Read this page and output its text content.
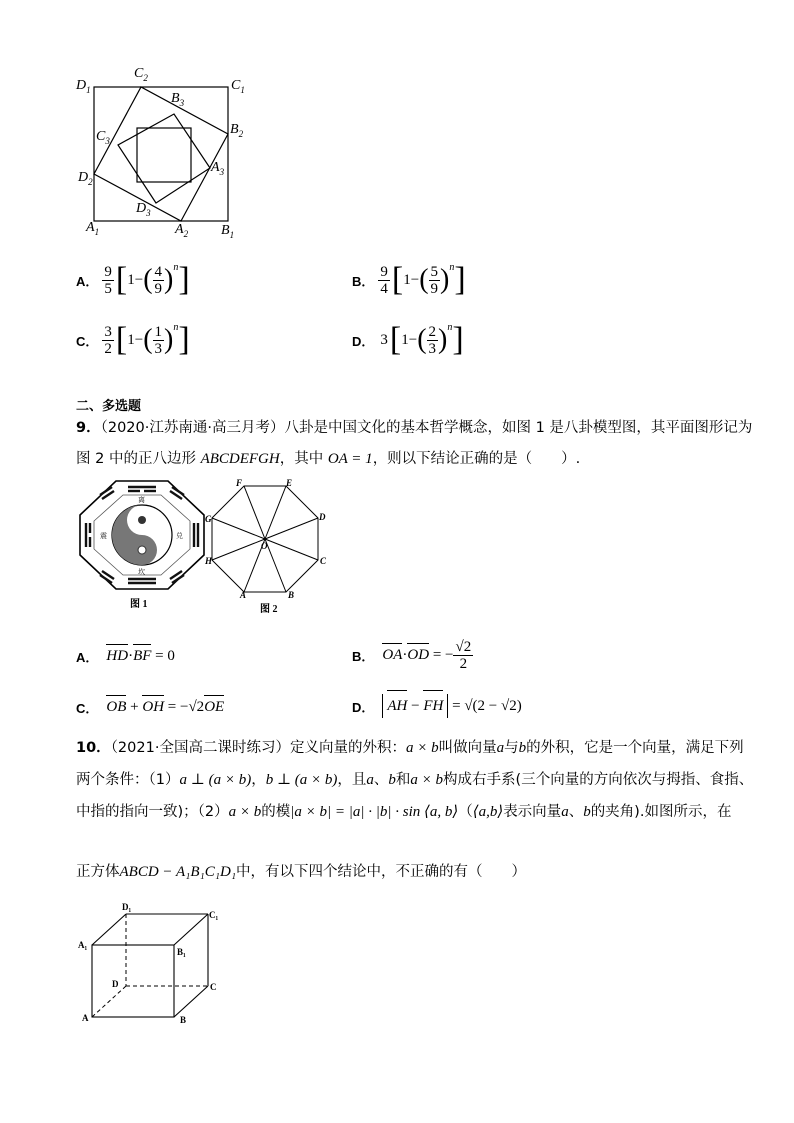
$D_1$
$C_2$
$C_1$
$B_3$
$C_3$
$B_2$
$A_3$
$D_2$
$D_3$
$A_1$	$A_2$ $B_1$
A． $\frac{9}{5}$ [ 1 − ( $\frac{4}{9} )^n$ ]	B． $\frac{9}{4}$ [ 1 − ( $\frac{5}{9} )^n$ ]
C． $\frac{3}{2}$ [ 1 − ( $\frac{1}{3} )^n$ ]	D． 3 [ 1 − ( $\frac{2}{3} )^n$ ]
二、多选题
9．（2020·江苏南通·高三月考）八卦是中国文化的基本哲学概念，如图 1 是八卦模型图，其平面图形记为
图 2 中的正八边形 ABCDEFGH，其中 OA = 1，则以下结论正确的是（　　）.
离
坎
震	兑
图 1
A	B
C
D
E
F
G
H
O
图 2
A． HD · BF = 0	B． OA · OD = − $\frac{√2}{2}$
C． OB + OH = −√2 OE	D． AH − FH = √(2 − √2)
10．（2021·全国高二课时练习）定义向量的外积：a × b叫做向量a与b的外积，它是一个向量，满足下列
两个条件：（1）a ⊥ (a × b)，b ⊥ (a × b)，且a、b和a × b构成右手系(三个向量的方向依次与拇指、食指、
中指的指向一致)；（2）a × b的模|a × b| = |a| · |b| · sin ⟨a, b⟩（⟨a,b⟩表示向量a、b的夹角).如图所示，在
正方体ABCD − A₁B₁C₁D₁中，有以下四个结论中，不正确的有（　　）
D₁
C₁
A₁
B₁
D	C
A	B
